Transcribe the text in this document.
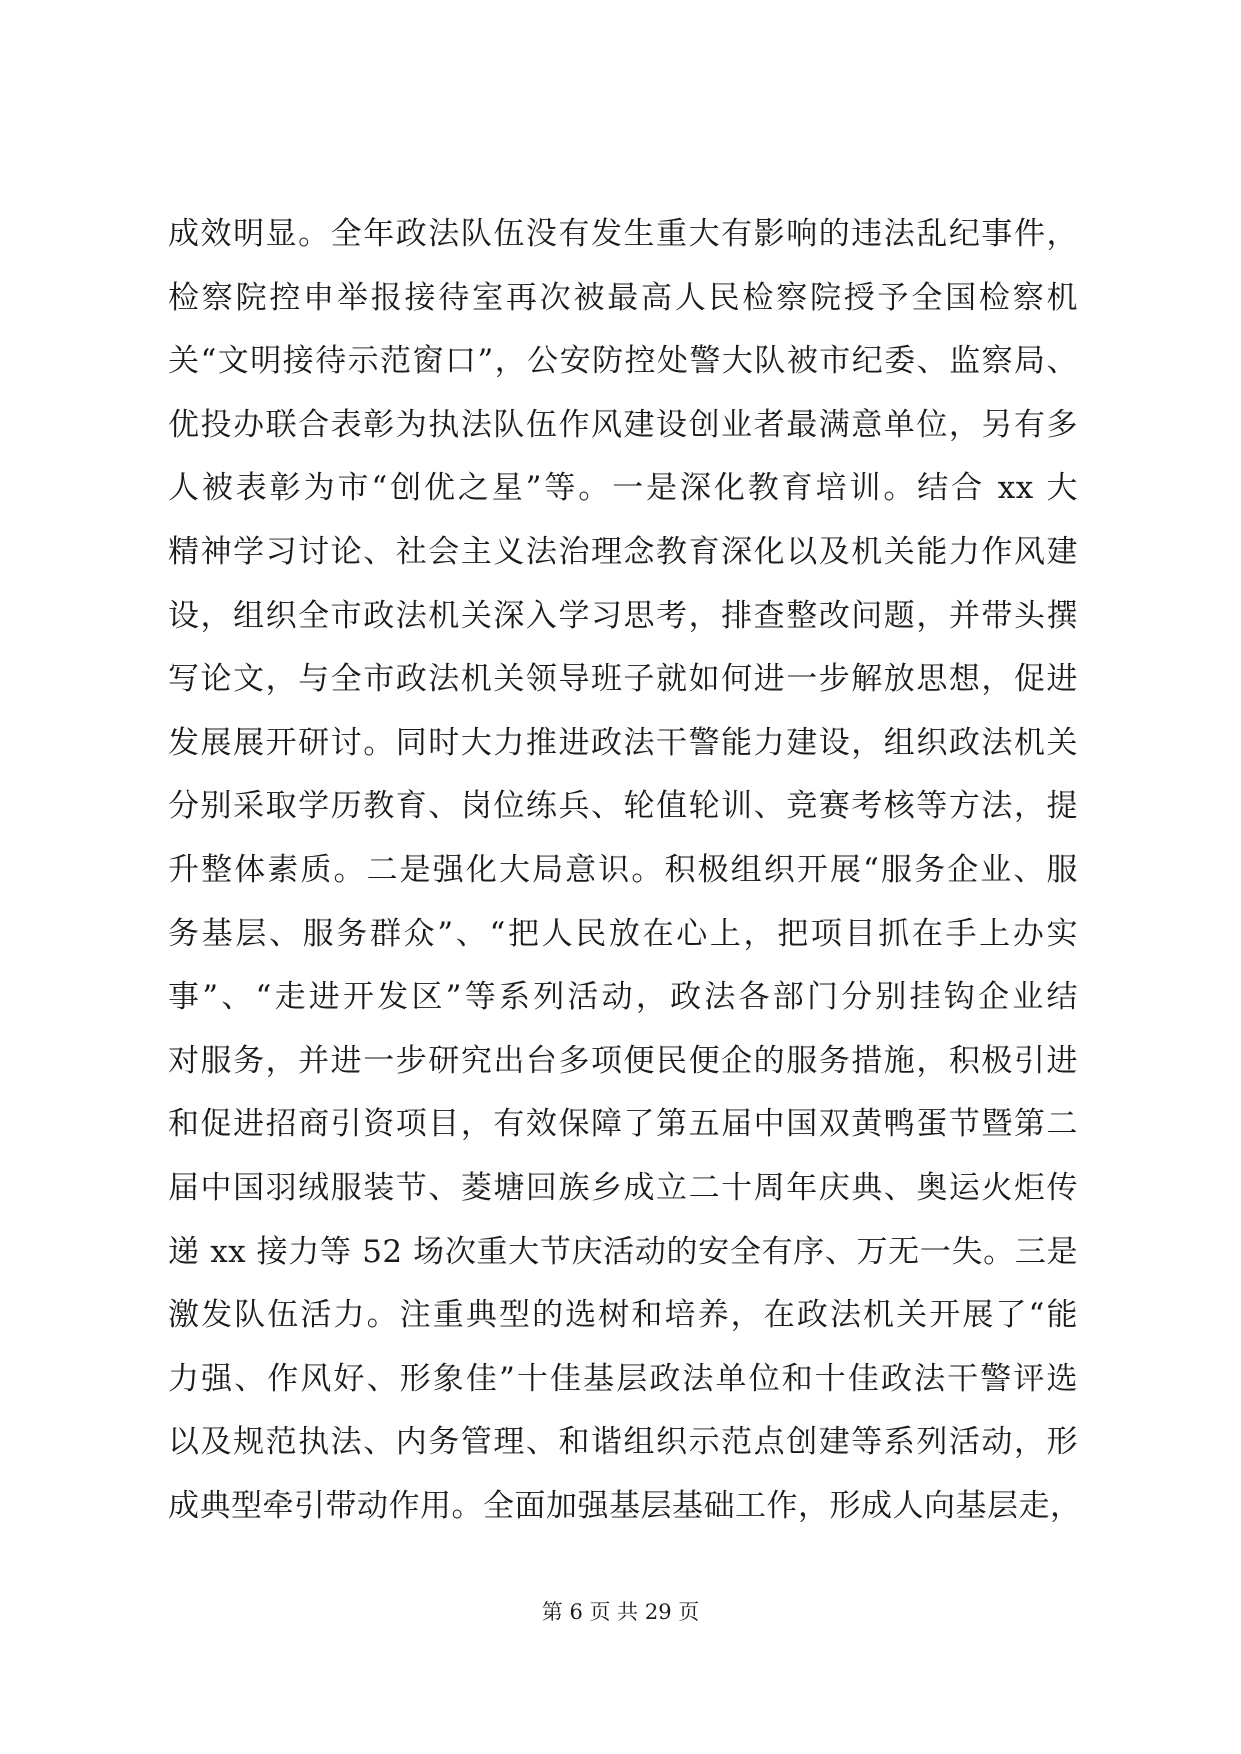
成效明显。全年政法队伍没有发生重大有影响的违法乱纪事件，
检察院控申举报接待室再次被最高人民检察院授予全国检察机
关“文明接待示范窗口”，公安防控处警大队被市纪委、监察局、
优投办联合表彰为执法队伍作风建设创业者最满意单位，另有多
人被表彰为市“创优之星”等。一是深化教育培训。结合 xx 大
精神学习讨论、社会主义法治理念教育深化以及机关能力作风建
设，组织全市政法机关深入学习思考，排查整改问题，并带头撰
写论文，与全市政法机关领导班子就如何进一步解放思想，促进
发展展开研讨。同时大力推进政法干警能力建设，组织政法机关
分别采取学历教育、岗位练兵、轮值轮训、竞赛考核等方法，提
升整体素质。二是强化大局意识。积极组织开展“服务企业、服
务基层、服务群众”、“把人民放在心上，把项目抓在手上办实
事”、“走进开发区”等系列活动，政法各部门分别挂钩企业结
对服务，并进一步研究出台多项便民便企的服务措施，积极引进
和促进招商引资项目，有效保障了第五届中国双黄鸭蛋节暨第二
届中国羽绒服装节、菱塘回族乡成立二十周年庆典、奥运火炬传
递 xx 接力等 52 场次重大节庆活动的安全有序、万无一失。三是
激发队伍活力。注重典型的选树和培养，在政法机关开展了“能
力强、作风好、形象佳”十佳基层政法单位和十佳政法干警评选
以及规范执法、内务管理、和谐组织示范点创建等系列活动，形
成典型牵引带动作用。全面加强基层基础工作，形成人向基层走，
第 6 页 共 29 页
